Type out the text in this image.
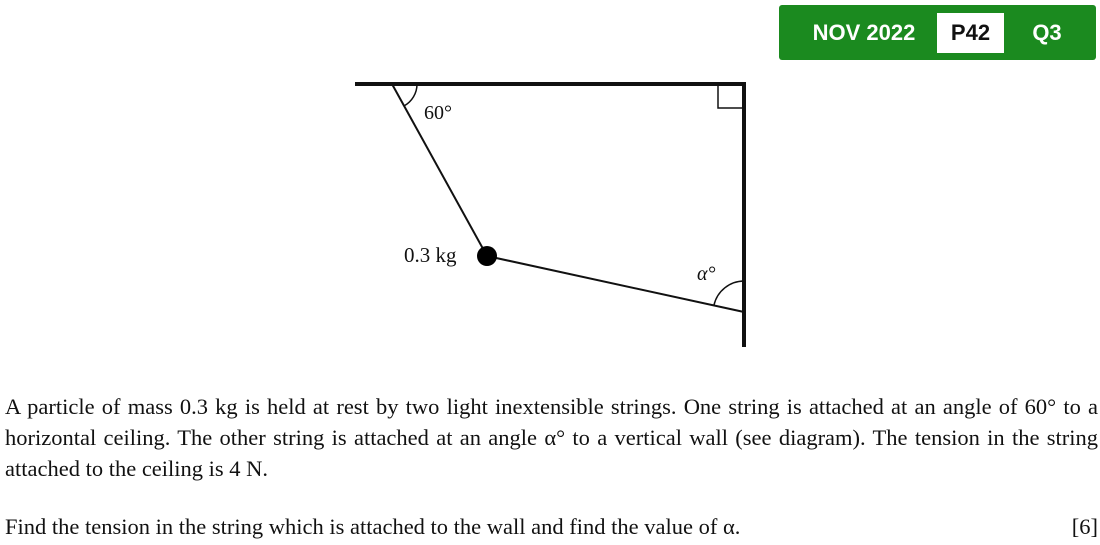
NOV 2022	P42	Q3
60°
0.3 kg
α°

A particle of mass 0.3 kg is held at rest by two light inextensible strings. One string is attached at an angle of 60° to a horizontal ceiling. The other string is attached at an angle α° to a vertical wall (see diagram). The tension in the string attached to the ceiling is 4 N.

Find the tension in the string which is attached to the wall and find the value of α.	[6]
